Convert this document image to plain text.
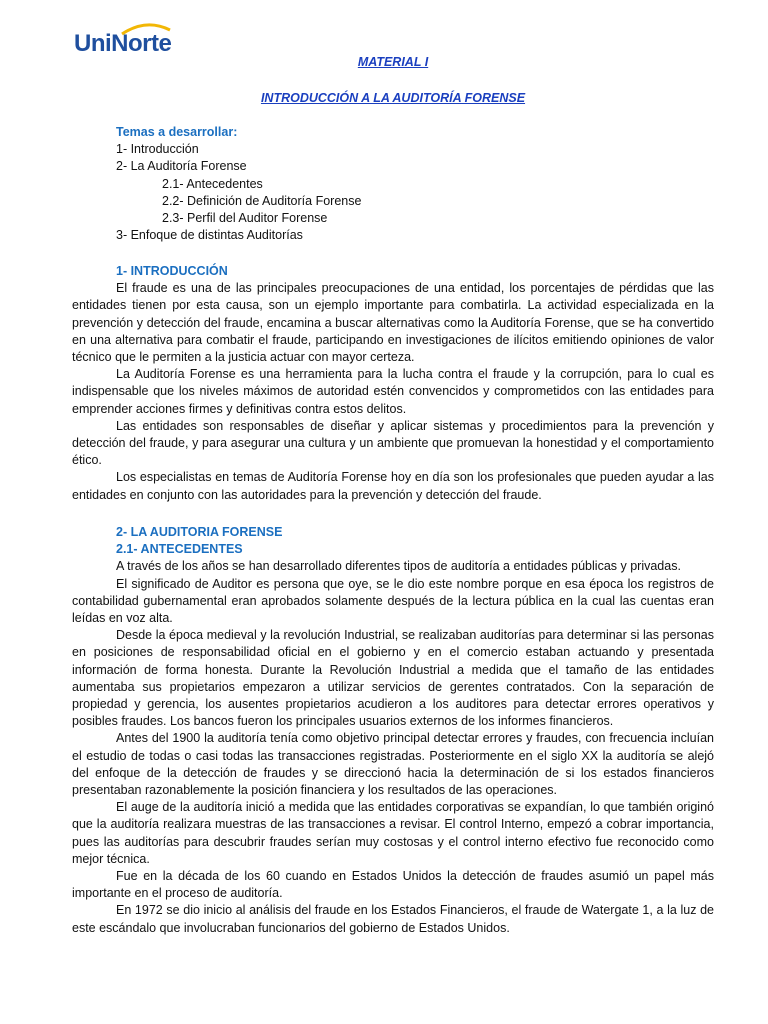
UniNorte
MATERIAL I
INTRODUCCIÓN A LA AUDITORÍA FORENSE
Temas a desarrollar:
1- Introducción
2- La Auditoría Forense
2.1- Antecedentes
2.2- Definición de Auditoría Forense
2.3- Perfil del Auditor Forense
3- Enfoque de distintas Auditorías
1- INTRODUCCIÓN

El fraude es una de las principales preocupaciones de una entidad, los porcentajes de pérdidas que las entidades tienen por esta causa, son un ejemplo importante para combatirla. La actividad especializada en la prevención y detección del fraude, encamina a buscar alternativas como la Auditoría Forense, que se ha convertido en una alternativa para combatir el fraude, participando en investigaciones de ilícitos emitiendo opiniones de valor técnico que le permiten a la justicia actuar con mayor certeza.

La Auditoría Forense es una herramienta para la lucha contra el fraude y la corrupción, para lo cual es indispensable que los niveles máximos de autoridad estén convencidos y comprometidos con las entidades para emprender acciones firmes y definitivas contra estos delitos.

Las entidades son responsables de diseñar y aplicar sistemas y procedimientos para la prevención y detección del fraude, y para asegurar una cultura y un ambiente que promuevan la honestidad y el comportamiento ético.

Los especialistas en temas de Auditoría Forense hoy en día son los profesionales que pueden ayudar a las entidades en conjunto con las autoridades para la prevención y detección del fraude.

2- LA AUDITORIA FORENSE
2.1- ANTECEDENTES

A través de los años se han desarrollado diferentes tipos de auditoría a entidades públicas y privadas.

El significado de Auditor es persona que oye, se le dio este nombre porque en esa época los registros de contabilidad gubernamental eran aprobados solamente después de la lectura pública en la cual las cuentas eran leídas en voz alta.

Desde la época medieval y la revolución Industrial, se realizaban auditorías para determinar si las personas en posiciones de responsabilidad oficial en el gobierno y en el comercio estaban actuando y presentada información de forma honesta. Durante la Revolución Industrial a medida que el tamaño de las entidades aumentaba sus propietarios empezaron a utilizar servicios de gerentes contratados. Con la separación de propiedad y gerencia, los ausentes propietarios acudieron a los auditores para detectar errores operativos y posibles fraudes. Los bancos fueron los principales usuarios externos de los informes financieros.

Antes del 1900 la auditoría tenía como objetivo principal detectar errores y fraudes, con frecuencia incluían el estudio de todas o casi todas las transacciones registradas. Posteriormente en el siglo XX la auditoría se alejó del enfoque de la detección de fraudes y se direccionó hacia la determinación de si los estados financieros presentaban razonablemente la posición financiera y los resultados de las operaciones.

El auge de la auditoría inició a medida que las entidades corporativas se expandían, lo que también originó que la auditoría realizara muestras de las transacciones a revisar. El control Interno, empezó a cobrar importancia, pues las auditorías para descubrir fraudes serían muy costosas y el control interno efectivo fue reconocido como mejor técnica.

Fue en la década de los 60 cuando en Estados Unidos la detección de fraudes asumió un papel más importante en el proceso de auditoría.

En 1972 se dio inicio al análisis del fraude en los Estados Financieros, el fraude de Watergate 1, a la luz de este escándalo que involucraban funcionarios del gobierno de Estados Unidos.
